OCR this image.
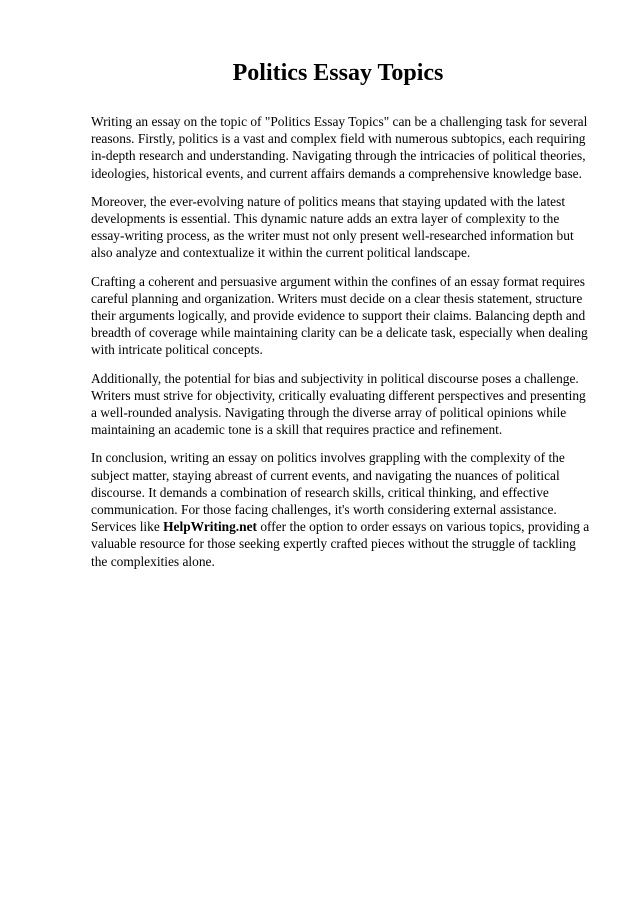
Politics Essay Topics

Writing an essay on the topic of "Politics Essay Topics" can be a challenging task for several reasons. Firstly, politics is a vast and complex field with numerous subtopics, each requiring in-depth research and understanding. Navigating through the intricacies of political theories, ideologies, historical events, and current affairs demands a comprehensive knowledge base.

Moreover, the ever-evolving nature of politics means that staying updated with the latest developments is essential. This dynamic nature adds an extra layer of complexity to the essay-writing process, as the writer must not only present well-researched information but also analyze and contextualize it within the current political landscape.

Crafting a coherent and persuasive argument within the confines of an essay format requires careful planning and organization. Writers must decide on a clear thesis statement, structure their arguments logically, and provide evidence to support their claims. Balancing depth and breadth of coverage while maintaining clarity can be a delicate task, especially when dealing with intricate political concepts.

Additionally, the potential for bias and subjectivity in political discourse poses a challenge. Writers must strive for objectivity, critically evaluating different perspectives and presenting a well-rounded analysis. Navigating through the diverse array of political opinions while maintaining an academic tone is a skill that requires practice and refinement.

In conclusion, writing an essay on politics involves grappling with the complexity of the subject matter, staying abreast of current events, and navigating the nuances of political discourse. It demands a combination of research skills, critical thinking, and effective communication. For those facing challenges, it's worth considering external assistance. Services like HelpWriting.net offer the option to order essays on various topics, providing a valuable resource for those seeking expertly crafted pieces without the struggle of tackling the complexities alone.
